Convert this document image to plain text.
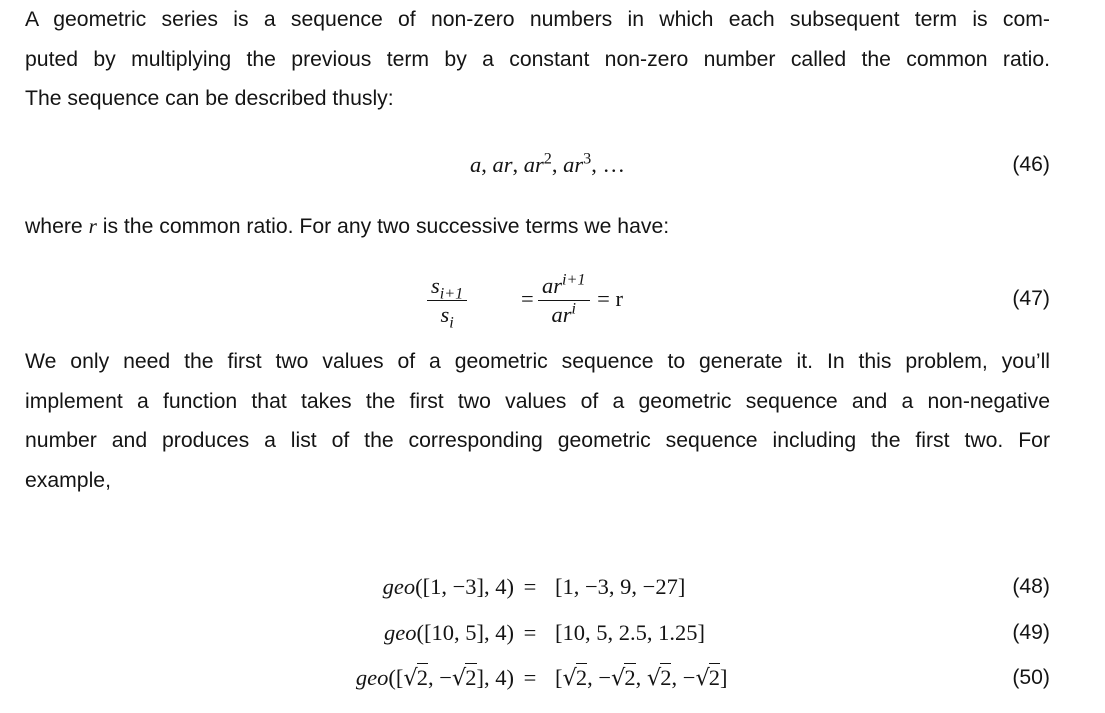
A geometric series is a sequence of non-zero numbers in which each subsequent term is com-
puted by multiplying the previous term by a constant non-zero number called the common ratio.
The sequence can be described thusly:

a, ar, $ar^2$, $ar^3$, …	(46)

where r is the common ratio. For any two successive terms we have:

$\frac{s_{i+1}}{s_i} = \frac{ar^{i+1}}{ar^i} = r$	(47)

We only need the first two values of a geometric sequence to generate it. In this problem, you’ll
implement a function that takes the first two values of a geometric sequence and a non-negative
number and produces a list of the corresponding geometric sequence including the first two. For
example,

geo([1, −3], 4) = [1, −3, 9, −27]	(48)
geo([10, 5], 4) = [10, 5, 2.5, 1.25]	(49)
geo([√2, −√2], 4) = [√2, −√2, √2, −√2]	(50)
